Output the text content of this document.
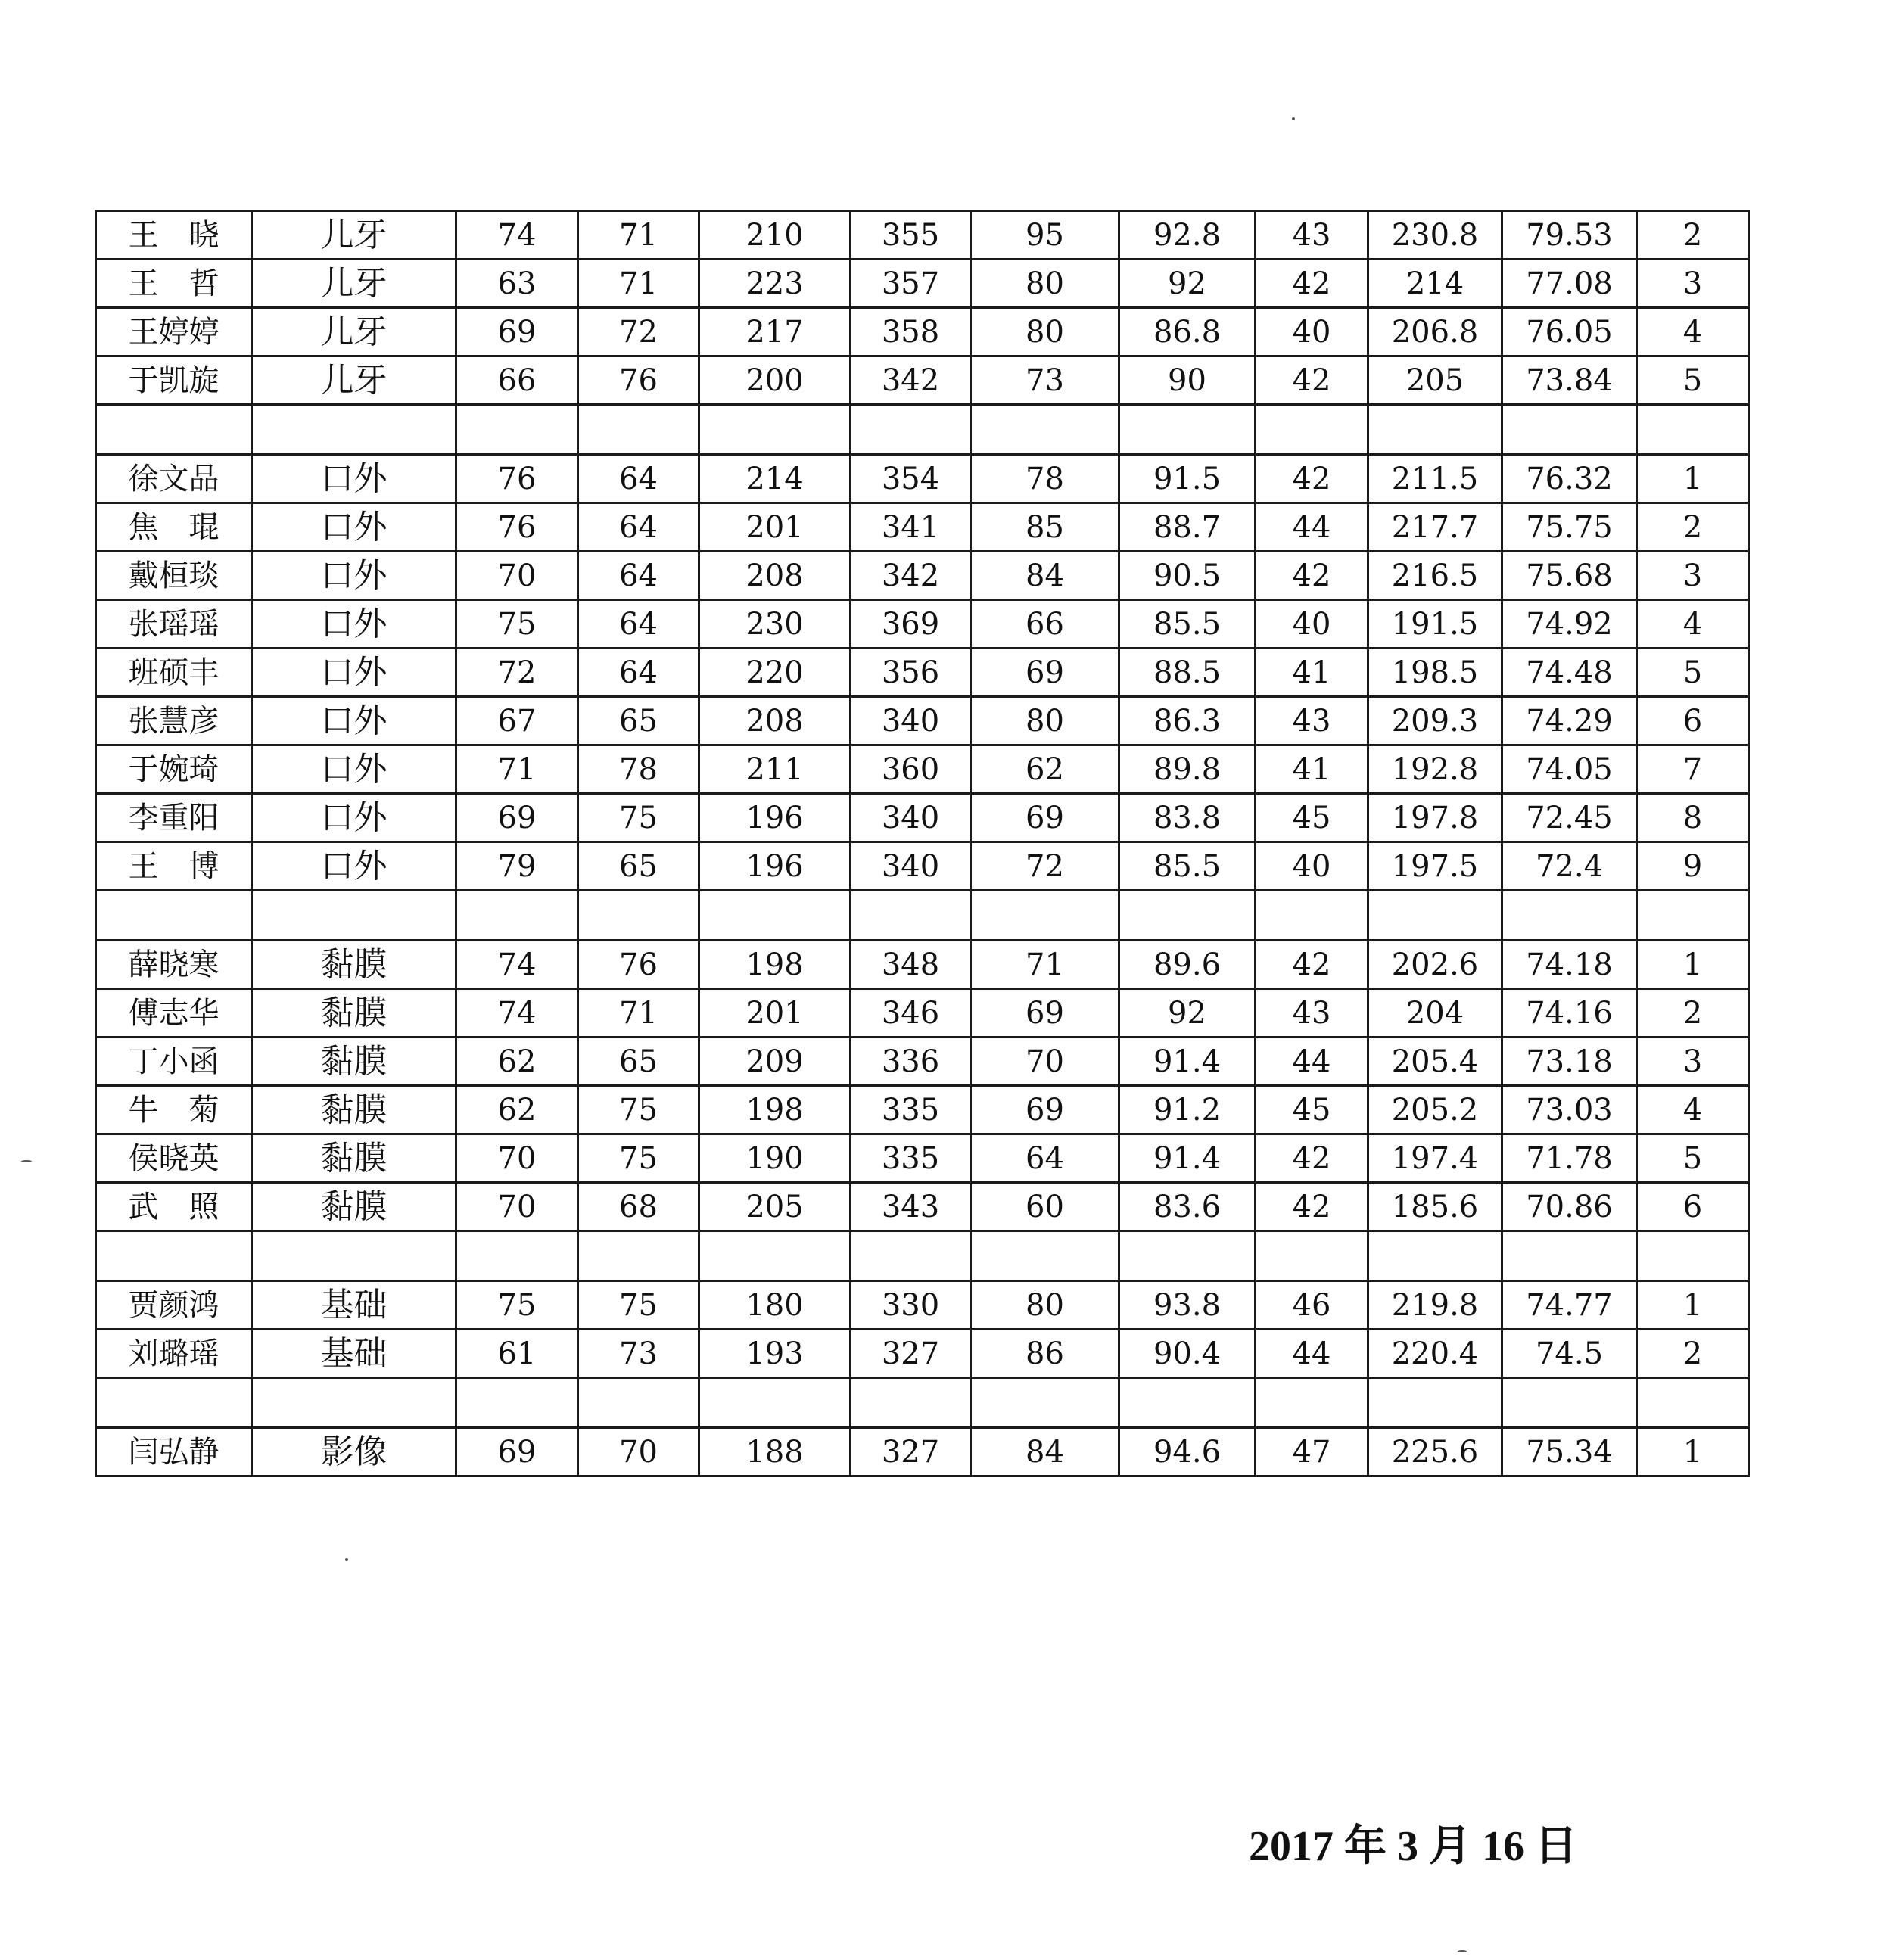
王　晓	儿牙	74	71	210	355	95	92.8	43	230.8	79.53	2
王　哲	儿牙	63	71	223	357	80	92	42	214	77.08	3
王婷婷	儿牙	69	72	217	358	80	86.8	40	206.8	76.05	4
于凯旋	儿牙	66	76	200	342	73	90	42	205	73.84	5

徐文品	口外	76	64	214	354	78	91.5	42	211.5	76.32	1
焦　琨	口外	76	64	201	341	85	88.7	44	217.7	75.75	2
戴桓琰	口外	70	64	208	342	84	90.5	42	216.5	75.68	3
张瑶瑶	口外	75	64	230	369	66	85.5	40	191.5	74.92	4
班硕丰	口外	72	64	220	356	69	88.5	41	198.5	74.48	5
张慧彦	口外	67	65	208	340	80	86.3	43	209.3	74.29	6
于婉琦	口外	71	78	211	360	62	89.8	41	192.8	74.05	7
李重阳	口外	69	75	196	340	69	83.8	45	197.8	72.45	8
王　博	口外	79	65	196	340	72	85.5	40	197.5	72.4	9

薛晓寒	黏膜	74	76	198	348	71	89.6	42	202.6	74.18	1
傅志华	黏膜	74	71	201	346	69	92	43	204	74.16	2
丁小函	黏膜	62	65	209	336	70	91.4	44	205.4	73.18	3
牛　菊	黏膜	62	75	198	335	69	91.2	45	205.2	73.03	4
侯晓英	黏膜	70	75	190	335	64	91.4	42	197.4	71.78	5
武　照	黏膜	70	68	205	343	60	83.6	42	185.6	70.86	6

贾颜鸿	基础	75	75	180	330	80	93.8	46	219.8	74.77	1
刘璐瑶	基础	61	73	193	327	86	90.4	44	220.4	74.5	2

闫弘静	影像	69	70	188	327	84	94.6	47	225.6	75.34	1
2017 年 3 月 16 日
